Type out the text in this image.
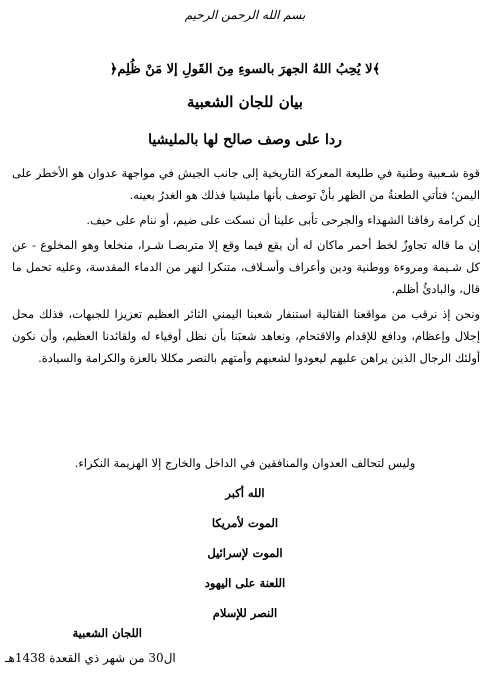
بسم الله الرحمن الرحيم
﴿لا يُحِبُ اللهُ الجهرَ بالسوءِ مِنَ القَولِ إلا مَنْ ظُلِم﴾
بيان للجان الشعبية
ردا على وصف صالح لها بالمليشيا

قوة شـعبية وطنية في طليعة المعركة التاريخية إلى جانب الجيش في مواجهة عدوان هو الأخطر على اليمن؛ فتأتي الطعنةُ من الظهر بأنْ توصف بأنها مليشيا فذلك هو الغدرُ بعينه.

إن كرامة رفاقنا الشهداء والجرحى تأبى علينا أن نسكت على ضيم، أو ننام على حيف.

إن ما قاله تجاوزٌ لخط أحمر ماكان له أن يقع فيما وقع إلا متربصـا شـرا، منخلعا وهو المخلوع - عن كل شـيمة ومروءة ووطنية ودين وأعراف وأسـلاف، متنكرا لنهر من الدماء المقدسة، وعليه تحمل ما قال، والبادئُ أظلم.

ونحن إذ نرقب من مواقعنا القتالية استنفار شعبنا اليمني الثائر العظيم تعزيزا للجبهات، فذلك محل إجلال وإعظام، ودافع للإقدام والاقتحام، ونعاهد شعبَنا بأن نظل أوفياء له ولقائدنا العظيم، وأن نكون أولئك الرجال الذين يراهن عليهم ليعودوا لشعبهم وأمتهم بالنصر مكللا بالعزة والكرامة والسيادة.

وليس لتحالف العدوان والمنافقين في الداخل والخارج إلا الهزيمة النكراء.
الله أكبر
الموت لأمريكا
الموت لإسرائيل
اللعنة على اليهود
النصر للإسلام
اللجان الشعبية
ال30 من شهر ذي القعدة 1438هـ
